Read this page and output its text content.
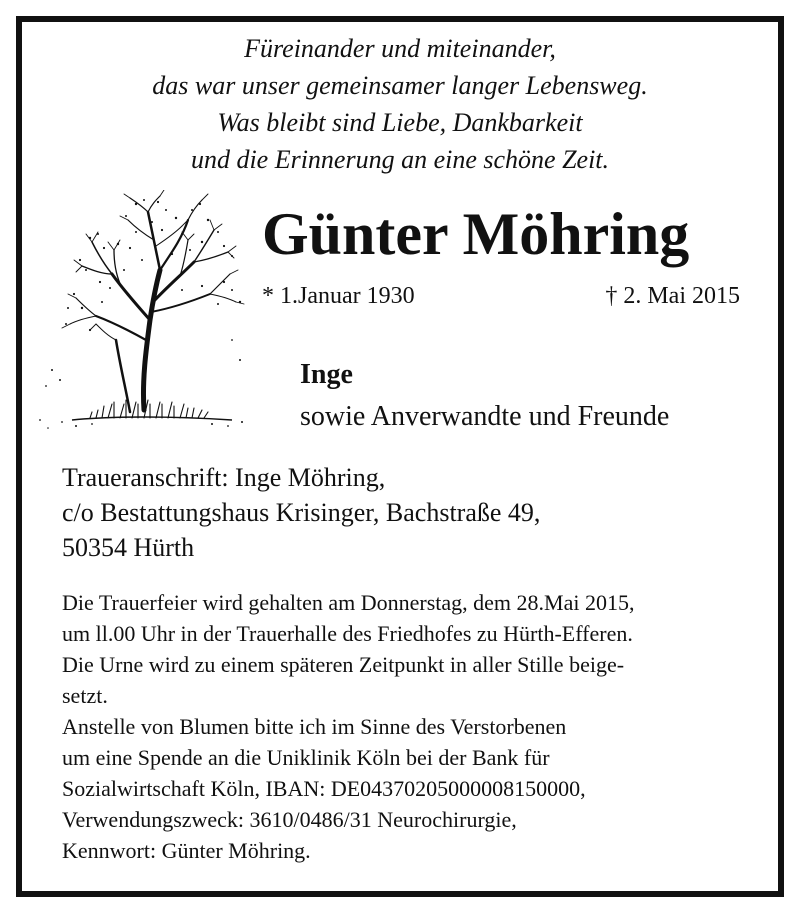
Füreinander und miteinander,
das war unser gemeinsamer langer Lebensweg.
Was bleibt sind Liebe, Dankbarkeit
und die Erinnerung an eine schöne Zeit.
Günter Möhring
* 1.Januar 1930	† 2. Mai 2015
Inge
sowie Anverwandte und Freunde
Traueranschrift: Inge Möhring,
c/o Bestattungshaus Krisinger, Bachstraße 49,
50354 Hürth
Die Trauerfeier wird gehalten am Donnerstag, dem 28.Mai 2015,
um ll.00 Uhr in der Trauerhalle des Friedhofes zu Hürth-Efferen.
Die Urne wird zu einem späteren Zeitpunkt in aller Stille beige-
setzt.
Anstelle von Blumen bitte ich im Sinne des Verstorbenen
um eine Spende an die Uniklinik Köln bei der Bank für
Sozialwirtschaft Köln, IBAN: DE04370205000008150000,
Verwendungszweck: 3610/0486/31 Neurochirurgie,
Kennwort: Günter Möhring.
